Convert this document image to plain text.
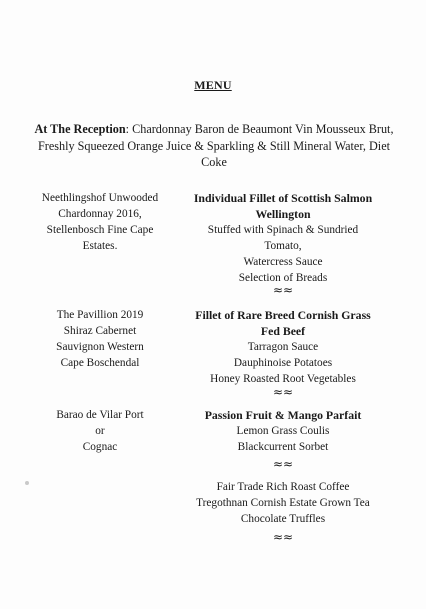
MENU
At The Reception: Chardonnay Baron de Beaumont Vin Mousseux Brut,
Freshly Squeezed Orange Juice & Sparkling & Still Mineral Water, Diet
Coke
Neethlingshof Unwooded
Chardonnay 2016,
Stellenbosch Fine Cape
Estates.
Individual Fillet of Scottish Salmon
Wellington
Stuffed with Spinach & Sundried
Tomato,
Watercress Sauce
Selection of Breads
≈≈
The Pavillion 2019
Shiraz Cabernet
Sauvignon Western
Cape Boschendal
Fillet of Rare Breed Cornish Grass
Fed Beef
Tarragon Sauce
Dauphinoise Potatoes
Honey Roasted Root Vegetables
≈≈
Barao de Vilar Port
or
Cognac
Passion Fruit & Mango Parfait
Lemon Grass Coulis
Blackcurrent Sorbet
≈≈
Fair Trade Rich Roast Coffee
Tregothnan Cornish Estate Grown Tea
Chocolate Truffles
≈≈
